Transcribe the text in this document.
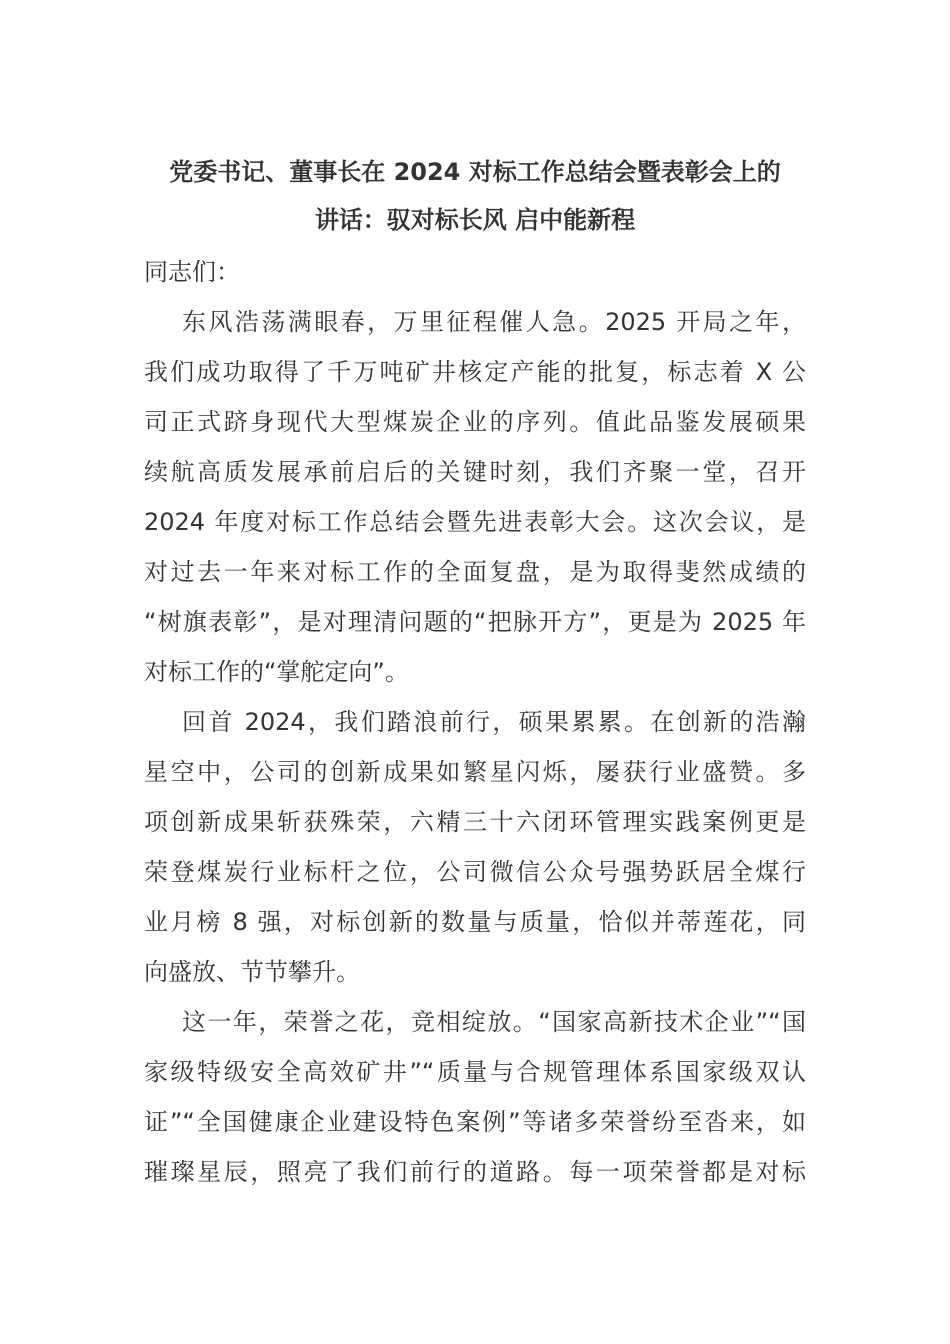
党委书记、董事长在 2024 对标工作总结会暨表彰会上的
讲话：驭对标长风 启中能新程

同志们：

东风浩荡满眼春，万里征程催人急。2025 开局之年，
我们成功取得了千万吨矿井核定产能的批复，标志着 X 公
司正式跻身现代大型煤炭企业的序列。值此品鉴发展硕果
续航高质发展承前启后的关键时刻，我们齐聚一堂，召开
2024 年度对标工作总结会暨先进表彰大会。这次会议，是
对过去一年来对标工作的全面复盘，是为取得斐然成绩的
“树旗表彰”，是对理清问题的“把脉开方”，更是为 2025 年
对标工作的“掌舵定向”。
回首 2024，我们踏浪前行，硕果累累。在创新的浩瀚
星空中，公司的创新成果如繁星闪烁，屡获行业盛赞。多
项创新成果斩获殊荣，六精三十六闭环管理实践案例更是
荣登煤炭行业标杆之位，公司微信公众号强势跃居全煤行
业月榜 8 强，对标创新的数量与质量，恰似并蒂莲花，同
向盛放、节节攀升。
这一年，荣誉之花，竞相绽放。“国家高新技术企业”“国
家级特级安全高效矿井”“质量与合规管理体系国家级双认
证”“全国健康企业建设特色案例”等诸多荣誉纷至沓来，如
璀璨星辰，照亮了我们前行的道路。每一项荣誉都是对标
